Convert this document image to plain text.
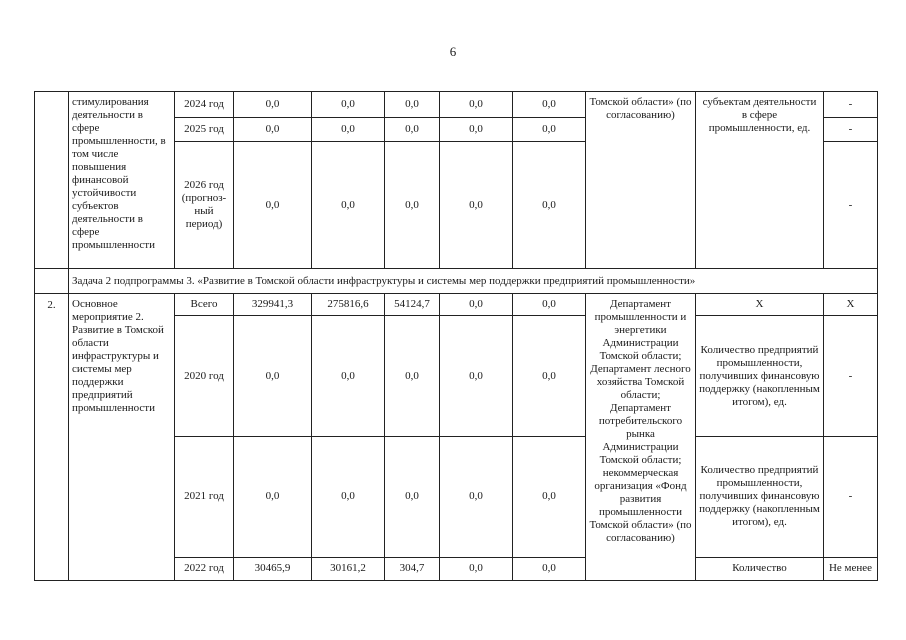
6
	стимулирования деятельности в сфере промышленности, в том числе повышения финансовой устойчивости субъектов деятельности в сфере промышленности	2024 год	0,0	0,0	0,0	0,0	0,0	Томской области» (по согласованию)	субъектам деятельности в сфере промышленности, ед.	-
		2025 год	0,0	0,0	0,0	0,0	0,0			-
		2026 год (прогноз-ный период)	0,0	0,0	0,0	0,0	0,0			-
	Задача 2 подпрограммы 3. «Развитие в Томской области инфраструктуры и системы мер поддержки предприятий промышленности»									
2.	Основное мероприятие 2. Развитие в Томской области инфраструктуры и системы мер поддержки предприятий промышленности	Всего	329941,3	275816,6	54124,7	0,0	0,0	Департамент промышленности и энергетики Администрации Томской области; Департамент лесного хозяйства Томской области; Департамент потребительского рынка Администрации Томской области; некоммерческая организация «Фонд развития промышленности Томской области» (по согласованию)	Х	Х
		2020 год	0,0	0,0	0,0	0,0	0,0		Количество предприятий промышленности, получивших финансовую поддержку (накопленным итогом), ед.	-
		2021 год	0,0	0,0	0,0	0,0	0,0		Количество предприятий промышленности, получивших финансовую поддержку (накопленным итогом), ед.	-
		2022 год	30465,9	30161,2	304,7	0,0	0,0		Количество	Не менее
